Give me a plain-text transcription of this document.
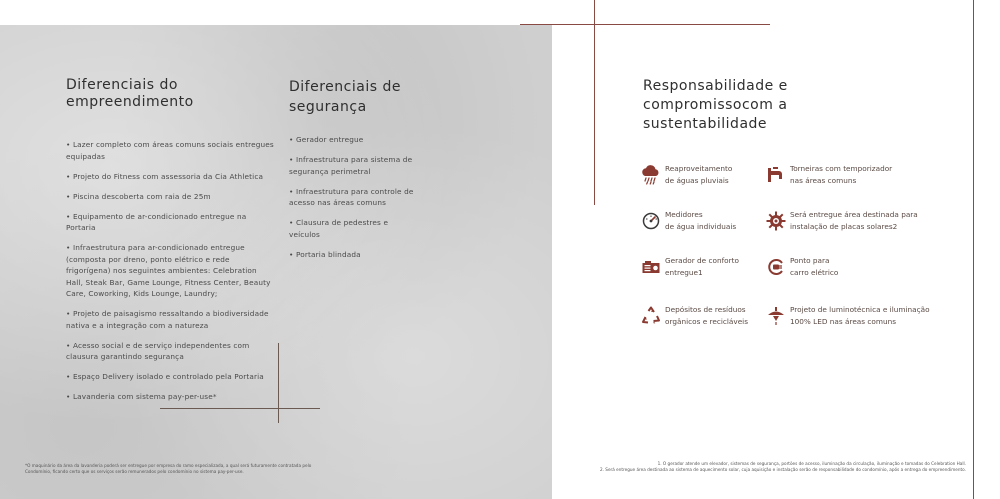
Diferenciais do
empreendimento
• Lazer completo com áreas comuns sociais entregues equipadas
• Projeto do Fitness com assessoria da Cia Athletica
• Piscina descoberta com raia de 25m
• Equipamento de ar-condicionado entregue na Portaria
• Infraestrutura para ar-condicionado entregue (composta por dreno, ponto elétrico e rede frigorígena) nos seguintes ambientes: Celebration Hall, Steak Bar, Game Lounge, Fitness Center, Beauty Care, Coworking, Kids Lounge, Laundry;
• Projeto de paisagismo ressaltando a biodiversidade nativa e a integração com a natureza
• Acesso social e de serviço independentes com clausura garantindo segurança
• Espaço Delivery isolado e controlado pela Portaria
• Lavanderia com sistema pay-per-use*
Diferenciais de segurança
• Gerador entregue
• Infraestrutura para sistema de segurança perimetral
• Infraestrutura para controle de acesso nas áreas comuns
• Clausura de pedestres e veículos
• Portaria blindada
*O maquinário da área da lavanderia poderá ser entregue por empresa do ramo especializada, a qual será futuramente contratada pelo Condomínio, ficando certo que os serviços serão remunerados pelo condomínio no sistema pay-per-use.
Responsabilidade e
compromissocom a
sustentabilidade
Reaproveitamento
de águas pluviais
Torneiras com temporizador
nas áreas comuns
Medidores
de água individuais
Será entregue área destinada para
instalação de placas solares2
Gerador de conforto
entregue1
Ponto para
carro elétrico
Depósitos de resíduos
orgânicos e recicláveis
Projeto de luminotécnica e iluminação
100% LED nas áreas comuns
1. O gerador atende um elevador, sistemas de segurança, portões de acesso, iluminação da circulação, iluminação e tomadas do Celebration Hall.
2. Será entregue área destinada ao sistema de aquecimento solar, cuja aquisição e instalação serão de responsabilidade do condomínio, após a entrega do empreendimento.
